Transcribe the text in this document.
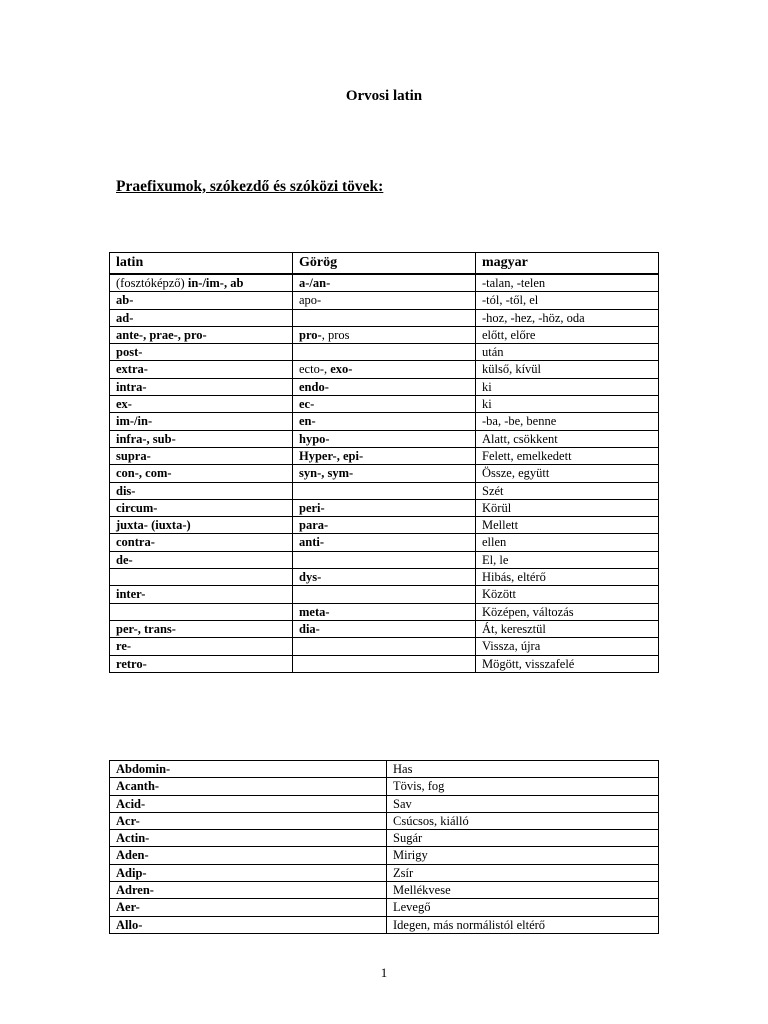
Orvosi latin
Praefixumok, szókezdő és szóközi tövek:
latin	Görög	magyar
(fosztóképző) in-/im-, ab	a-/an-	-talan, -telen
ab-	apo-	-tól, -től, el
ad-		-hoz, -hez, -höz, oda
ante-, prae-, pro-	pro-, pros	előtt, előre
post-		után
extra-	ecto-, exo-	külső, kívül
intra-	endo-	ki
ex-	ec-	ki
im-/in-	en-	-ba, -be, benne
infra-, sub-	hypo-	Alatt, csökkent
supra-	Hyper-, epi-	Felett, emelkedett
con-, com-	syn-, sym-	Össze, együtt
dis-		Szét
circum-	peri-	Körül
juxta- (iuxta-)	para-	Mellett
contra-	anti-	ellen
de-		El, le
	dys-	Hibás, eltérő
inter-		Között
	meta-	Középen, változás
per-, trans-	dia-	Át, keresztül
re-		Vissza, újra
retro-		Mögött, visszafelé
Abdomin-	Has
Acanth-	Tövis, fog
Acid-	Sav
Acr-	Csúcsos, kiálló
Actin-	Sugár
Aden-	Mirigy
Adip-	Zsír
Adren-	Mellékvese
Aer-	Levegő
Allo-	Idegen, más normálistól eltérő
1
